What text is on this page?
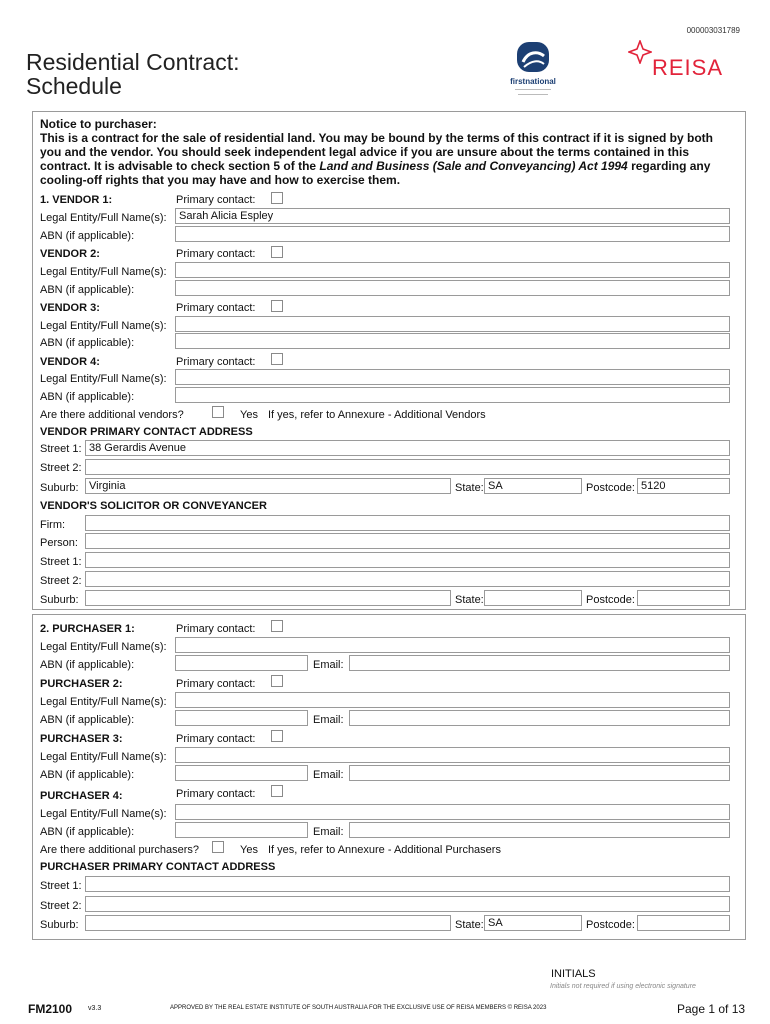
000003031789
Residential Contract:
Schedule	firstnational
REISA
Notice to purchaser:
This is a contract for the sale of residential land. You may be bound by the terms of this contract if it is signed by both you and the vendor. You should seek independent legal advice if you are unsure about the terms contained in this contract. It is advisable to check section 5 of the Land and Business (Sale and Conveyancing) Act 1994 regarding any cooling-off rights that you may have and how to exercise them.
1. VENDOR 1:	Primary contact:
Legal Entity/Full Name(s):	Sarah Alicia Espley
ABN (if applicable):
VENDOR 2:	Primary contact:
Legal Entity/Full Name(s):
ABN (if applicable):
VENDOR 3:	Primary contact:
Legal Entity/Full Name(s):
ABN (if applicable):
VENDOR 4:	Primary contact:
Legal Entity/Full Name(s):
ABN (if applicable):
Are there additional vendors?	Yes If yes, refer to Annexure - Additional Vendors
VENDOR PRIMARY CONTACT ADDRESS
Street 1: 38 Gerardis Avenue
Street 2:
Suburb: Virginia	State: SA	Postcode: 5120
VENDOR'S SOLICITOR OR CONVEYANCER
Firm:
Person:
Street 1:
Street 2:
Suburb:	State:	Postcode:
2. PURCHASER 1:	Primary contact:
Legal Entity/Full Name(s):
ABN (if applicable):	Email:
PURCHASER 2:	Primary contact:
Legal Entity/Full Name(s):
ABN (if applicable):	Email:
PURCHASER 3:	Primary contact:
Legal Entity/Full Name(s):
ABN (if applicable):	Email:
PURCHASER 4:	Primary contact:
Legal Entity/Full Name(s):
ABN (if applicable):	Email:
Are there additional purchasers?	Yes If yes, refer to Annexure - Additional Purchasers
PURCHASER PRIMARY CONTACT ADDRESS
Street 1:
Street 2:
Suburb:	State: SA	Postcode:
INITIALS
Initials not required if using electronic signature
FM2100 v3.3	APPROVED BY THE REAL ESTATE INSTITUTE OF SOUTH AUSTRALIA FOR THE EXCLUSIVE USE OF REISA MEMBERS © REISA 2023	Page 1 of 13
